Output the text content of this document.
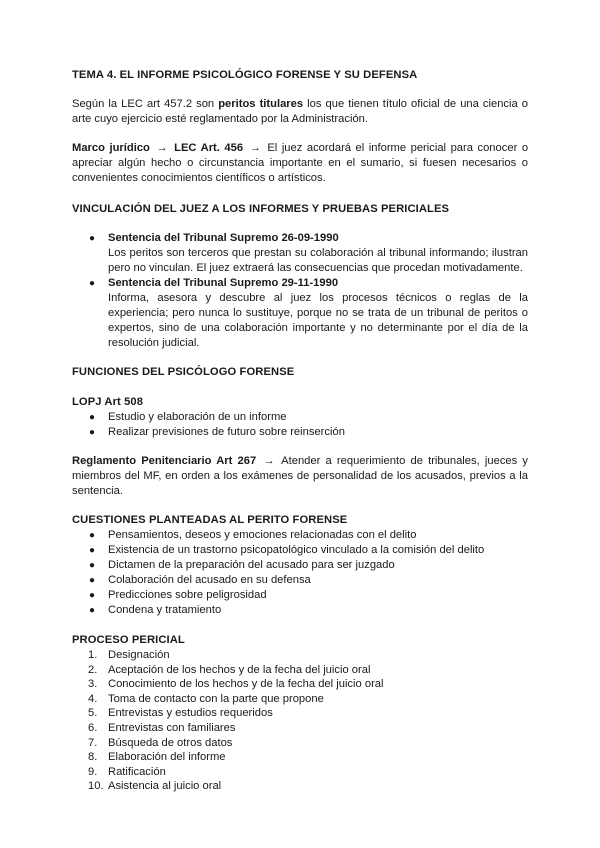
TEMA 4. EL INFORME PSICOLÓGICO FORENSE Y SU DEFENSA

Según la LEC art 457.2 son peritos titulares los que tienen título oficial de una ciencia o arte cuyo ejercicio esté reglamentado por la Administración.

Marco jurídico → LEC Art. 456 → El juez acordará el informe pericial para conocer o apreciar algún hecho o circunstancia importante en el sumario, si fuesen necesarios o convenientes conocimientos científicos o artísticos.

VINCULACIÓN DEL JUEZ A LOS INFORMES Y PRUEBAS PERICIALES

● Sentencia del Tribunal Supremo 26-09-1990
Los peritos son terceros que prestan su colaboración al tribunal informando; ilustran pero no vinculan. El juez extraerá las consecuencias que procedan motivadamente.
● Sentencia del Tribunal Supremo 29-11-1990
Informa, asesora y descubre al juez los procesos técnicos o reglas de la experiencia; pero nunca lo sustituye, porque no se trata de un tribunal de peritos o expertos, sino de una colaboración importante y no determinante por el día de la resolución judicial.

FUNCIONES DEL PSICÓLOGO FORENSE

LOPJ Art 508

● Estudio y elaboración de un informe
● Realizar previsiones de futuro sobre reinserción

Reglamento Penitenciario Art 267 → Atender a requerimiento de tribunales, jueces y miembros del MF, en orden a los exámenes de personalidad de los acusados, previos a la sentencia.

CUESTIONES PLANTEADAS AL PERITO FORENSE

● Pensamientos, deseos y emociones relacionadas con el delito
● Existencia de un trastorno psicopatológico vinculado a la comisión del delito
● Dictamen de la preparación del acusado para ser juzgado
● Colaboración del acusado en su defensa
● Predicciones sobre peligrosidad
● Condena y tratamiento

PROCESO PERICIAL

1. Designación
2. Aceptación de los hechos y de la fecha del juicio oral
3. Conocimiento de los hechos y de la fecha del juicio oral
4. Toma de contacto con la parte que propone
5. Entrevistas y estudios requeridos
6. Entrevistas con familiares
7. Búsqueda de otros datos
8. Elaboración del informe
9. Ratificación
10. Asistencia al juicio oral
